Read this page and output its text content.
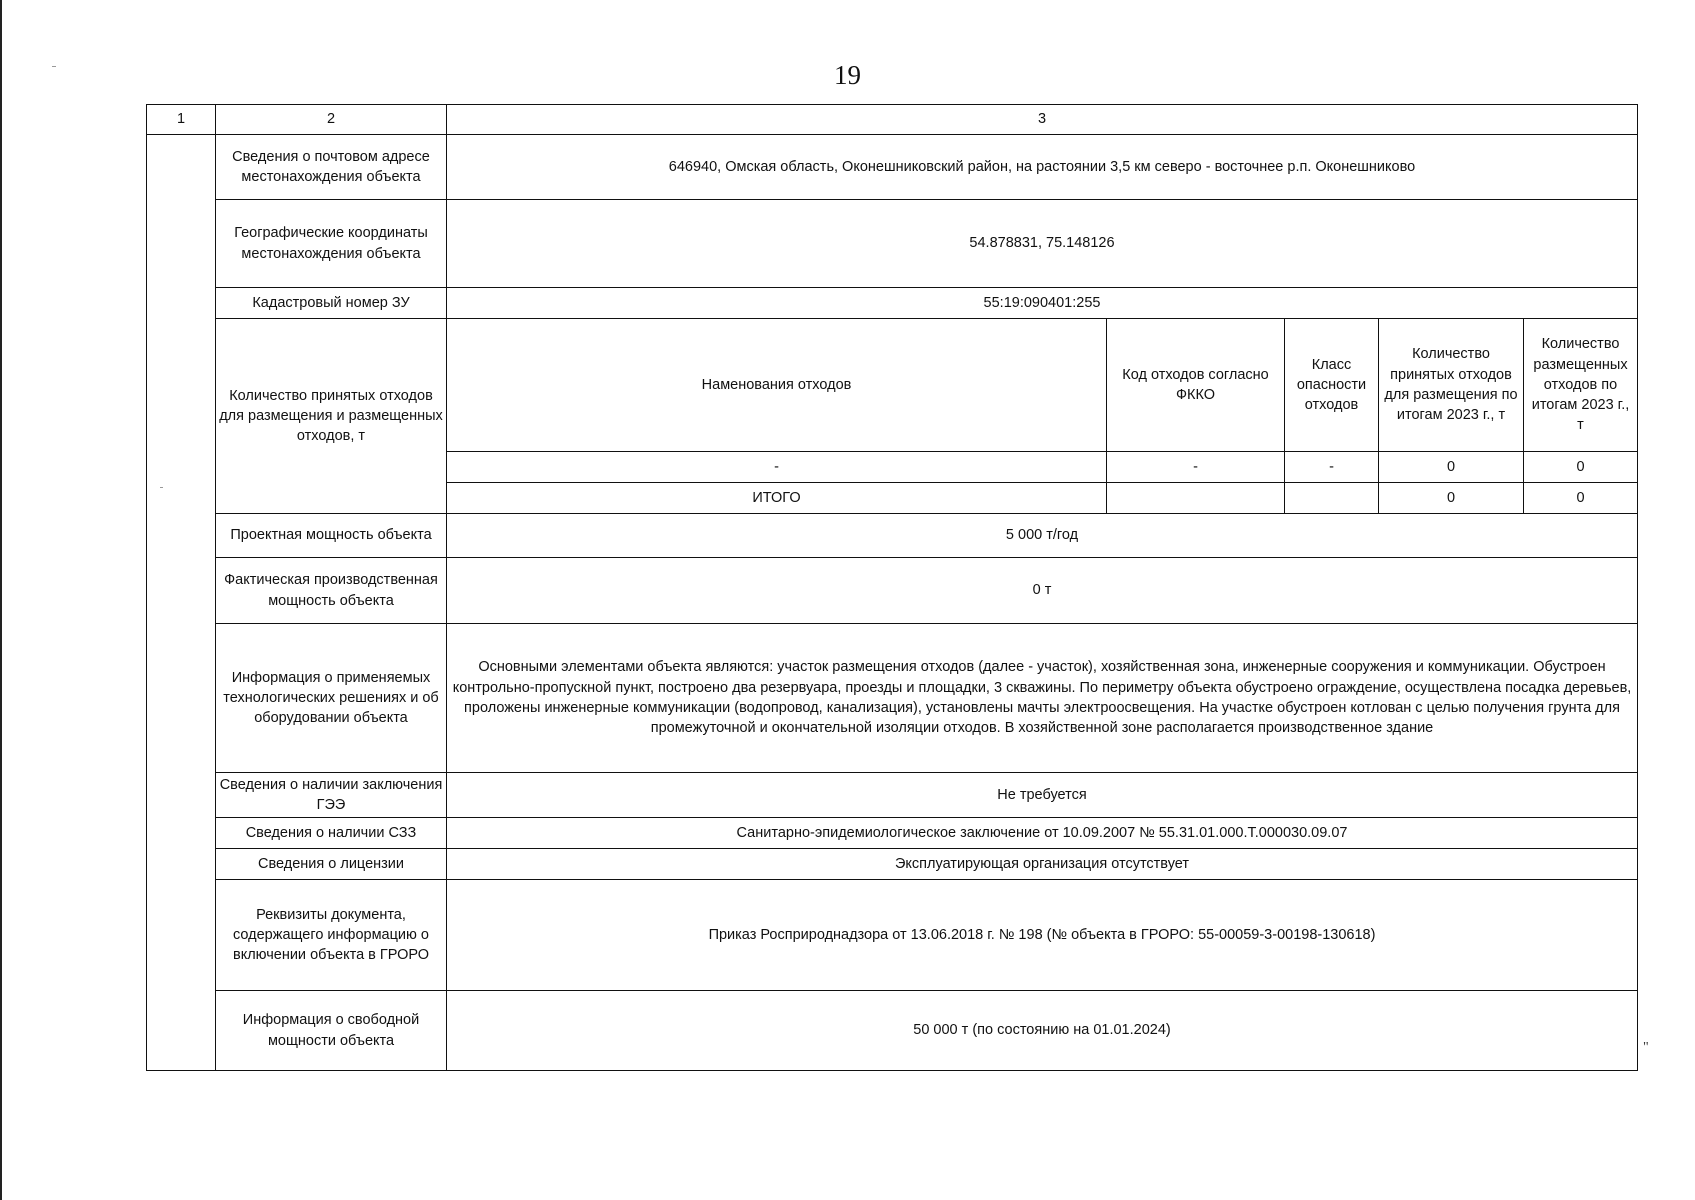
19
1	2	3				
	Сведения о почтовом адресе местонахождения объекта	646940, Омская область, Оконешниковский район, на растоянии 3,5 км северо - восточнее р.п. Оконешниково				
	Географические координаты местонахождения объекта	54.878831, 75.148126				
	Кадастровый номер ЗУ	55:19:090401:255				
	Количество принятых отходов для размещения и размещенных отходов, т	Наменования отходов	Код отходов согласно ФККО	Класс опасности отходов	Количество принятых отходов для размещения по итогам 2023 г., т	Количество размещенных отходов по итогам 2023 г., т
		-	-	-	0	0
		ИТОГО			0	0
	Проектная мощность объекта	5 000 т/год				
	Фактическая производственная мощность объекта	0 т				
	Информация о применяемых технологических решениях и об оборудовании объекта	Основными элементами объекта являются: участок размещения отходов (далее - участок), хозяйственная зона, инженерные сооружения и коммуникации. Обустроен контрольно-пропускной пункт, построено два резервуара, проезды и площадки, 3 скважины. По периметру объекта обустроено ограждение, осуществлена посадка деревьев, проложены инженерные коммуникации (водопровод, канализация), установлены мачты электроосвещения. На участке обустроен котлован с целью получения грунта для промежуточной и окончательной изоляции отходов. В хозяйственной зоне располагается производственное здание				
	Сведения о наличии заключения ГЭЭ	Не требуется				
	Сведения о наличии СЗЗ	Санитарно-эпидемиологическое заключение от 10.09.2007 № 55.31.01.000.Т.000030.09.07				
	Сведения о лицензии	Эксплуатирующая организация отсутствует				
	Реквизиты документа, содержащего информацию о включении объекта в ГРОРО	Приказ Росприроднадзора от 13.06.2018 г. № 198 (№ объекта в ГРОРО: 55-00059-3-00198-130618)				
	Информация о свободной мощности объекта	50 000 т (по состоянию на 01.01.2024)				
"
